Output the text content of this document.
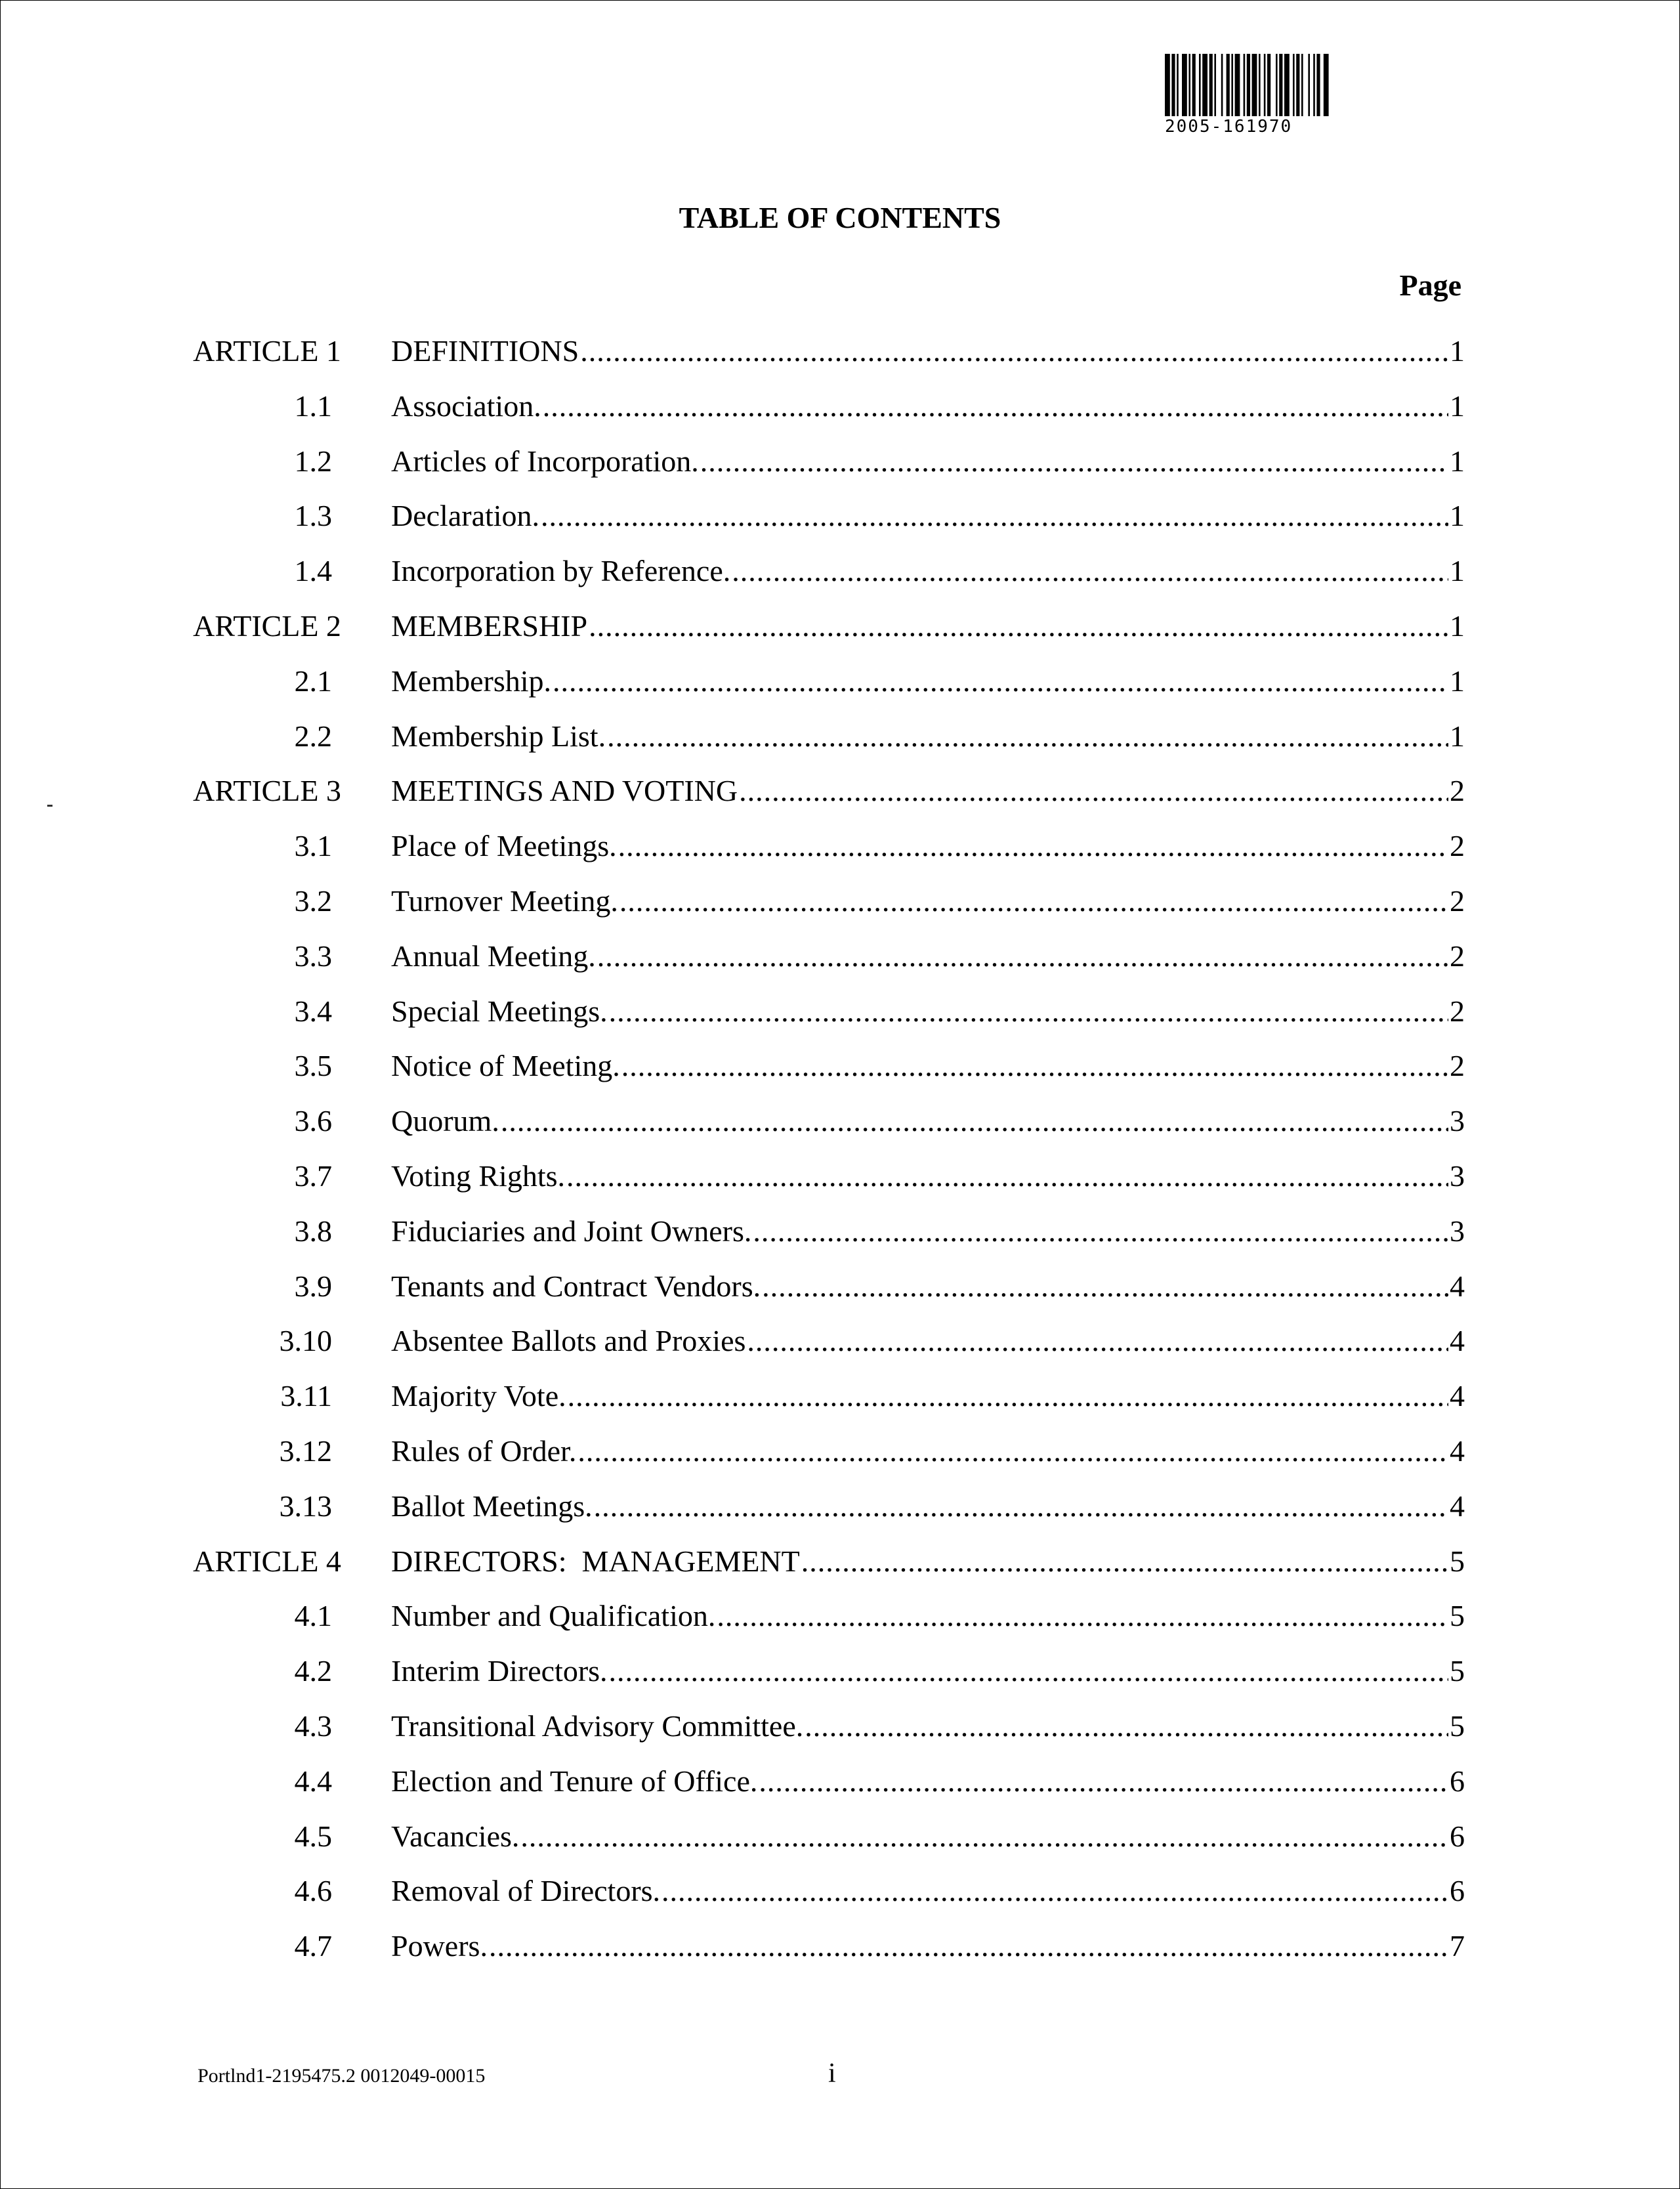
2005-161970
TABLE OF CONTENTS
Page
ARTICLE 1 DEFINITIONS .....	1
1.1 Association. .....	1
1.2 Articles of Incorporation. .....	1
1.3 Declaration. .....	1
1.4 Incorporation by Reference. .....	1
ARTICLE 2 MEMBERSHIP .....	1
2.1 Membership. .....	1
2.2 Membership List. .....	1
ARTICLE 3 MEETINGS AND VOTING .....	2
3.1 Place of Meetings. .....	2
3.2 Turnover Meeting. .....	2
3.3 Annual Meeting. .....	2
3.4 Special Meetings. .....	2
3.5 Notice of Meeting. .....	2
3.6 Quorum. .....	3
3.7 Voting Rights. .....	3
3.8 Fiduciaries and Joint Owners. .....	3
3.9 Tenants and Contract Vendors. .....	4
3.10 Absentee Ballots and Proxies .....	4
3.11 Majority Vote. .....	4
3.12 Rules of Order. .....	4
3.13 Ballot Meetings. .....	4
ARTICLE 4 DIRECTORS:  MANAGEMENT .....	5
4.1 Number and Qualification. .....	5
4.2 Interim Directors. .....	5
4.3 Transitional Advisory Committee. .....	5
4.4 Election and Tenure of Office. .....	6
4.5 Vacancies. .....	6
4.6 Removal of Directors. .....	6
4.7 Powers. .....	7
Portlnd1-2195475.2 0012049-00015	i
